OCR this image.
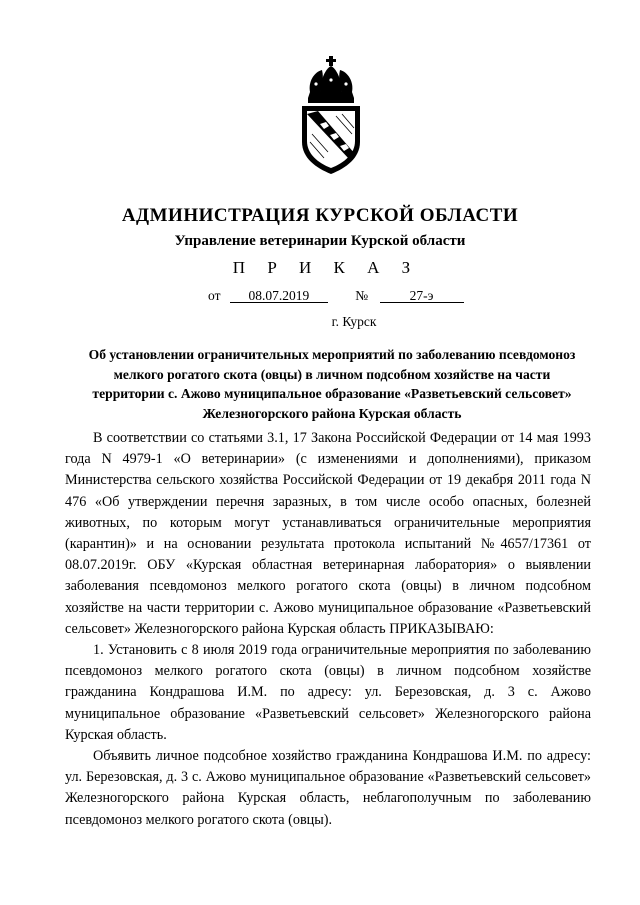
АДМИНИСТРАЦИЯ КУРСКОЙ ОБЛАСТИ
Управление ветеринарии Курской области
П Р И К А З
от 08.07.2019	№	27-э
г. Курск
Об установлении ограничительных мероприятий по заболеванию псевдомоноз мелкого рогатого скота (овцы) в личном подсобном хозяйстве на части территории с. Ажово муниципальное образование «Разветьевский сельсовет» Железногорского района Курская область

В соответствии со статьями 3.1, 17 Закона Российской Федерации от 14 мая 1993 года N 4979-1 «О ветеринарии» (с изменениями и дополнениями), приказом Министерства сельского хозяйства Российской Федерации от 19 декабря 2011 года N 476 «Об утверждении перечня заразных, в том числе особо опасных, болезней животных, по которым могут устанавливаться ограничительные мероприятия (карантин)» и на основании результата протокола испытаний №4657/17361 от 08.07.2019г. ОБУ «Курская областная ветеринарная лаборатория» о выявлении заболевания псевдомоноз мелкого рогатого скота (овцы) в личном подсобном хозяйстве на части территории с. Ажово муниципальное образование «Разветьевский сельсовет» Железногорского района Курская область ПРИКАЗЫВАЮ:

1. Установить с 8 июля 2019 года ограничительные мероприятия по заболеванию псевдомоноз мелкого рогатого скота (овцы) в личном подсобном хозяйстве гражданина Кондрашова И.М. по адресу: ул. Березовская, д. 3 с. Ажово муниципальное образование «Разветьевский сельсовет» Железногорского района Курская область.

Объявить личное подсобное хозяйство гражданина Кондрашова И.М. по адресу: ул. Березовская, д. 3 с. Ажово муниципальное образование «Разветьевский сельсовет» Железногорского района Курская область, неблагополучным по заболеванию псевдомоноз мелкого рогатого скота (овцы).
